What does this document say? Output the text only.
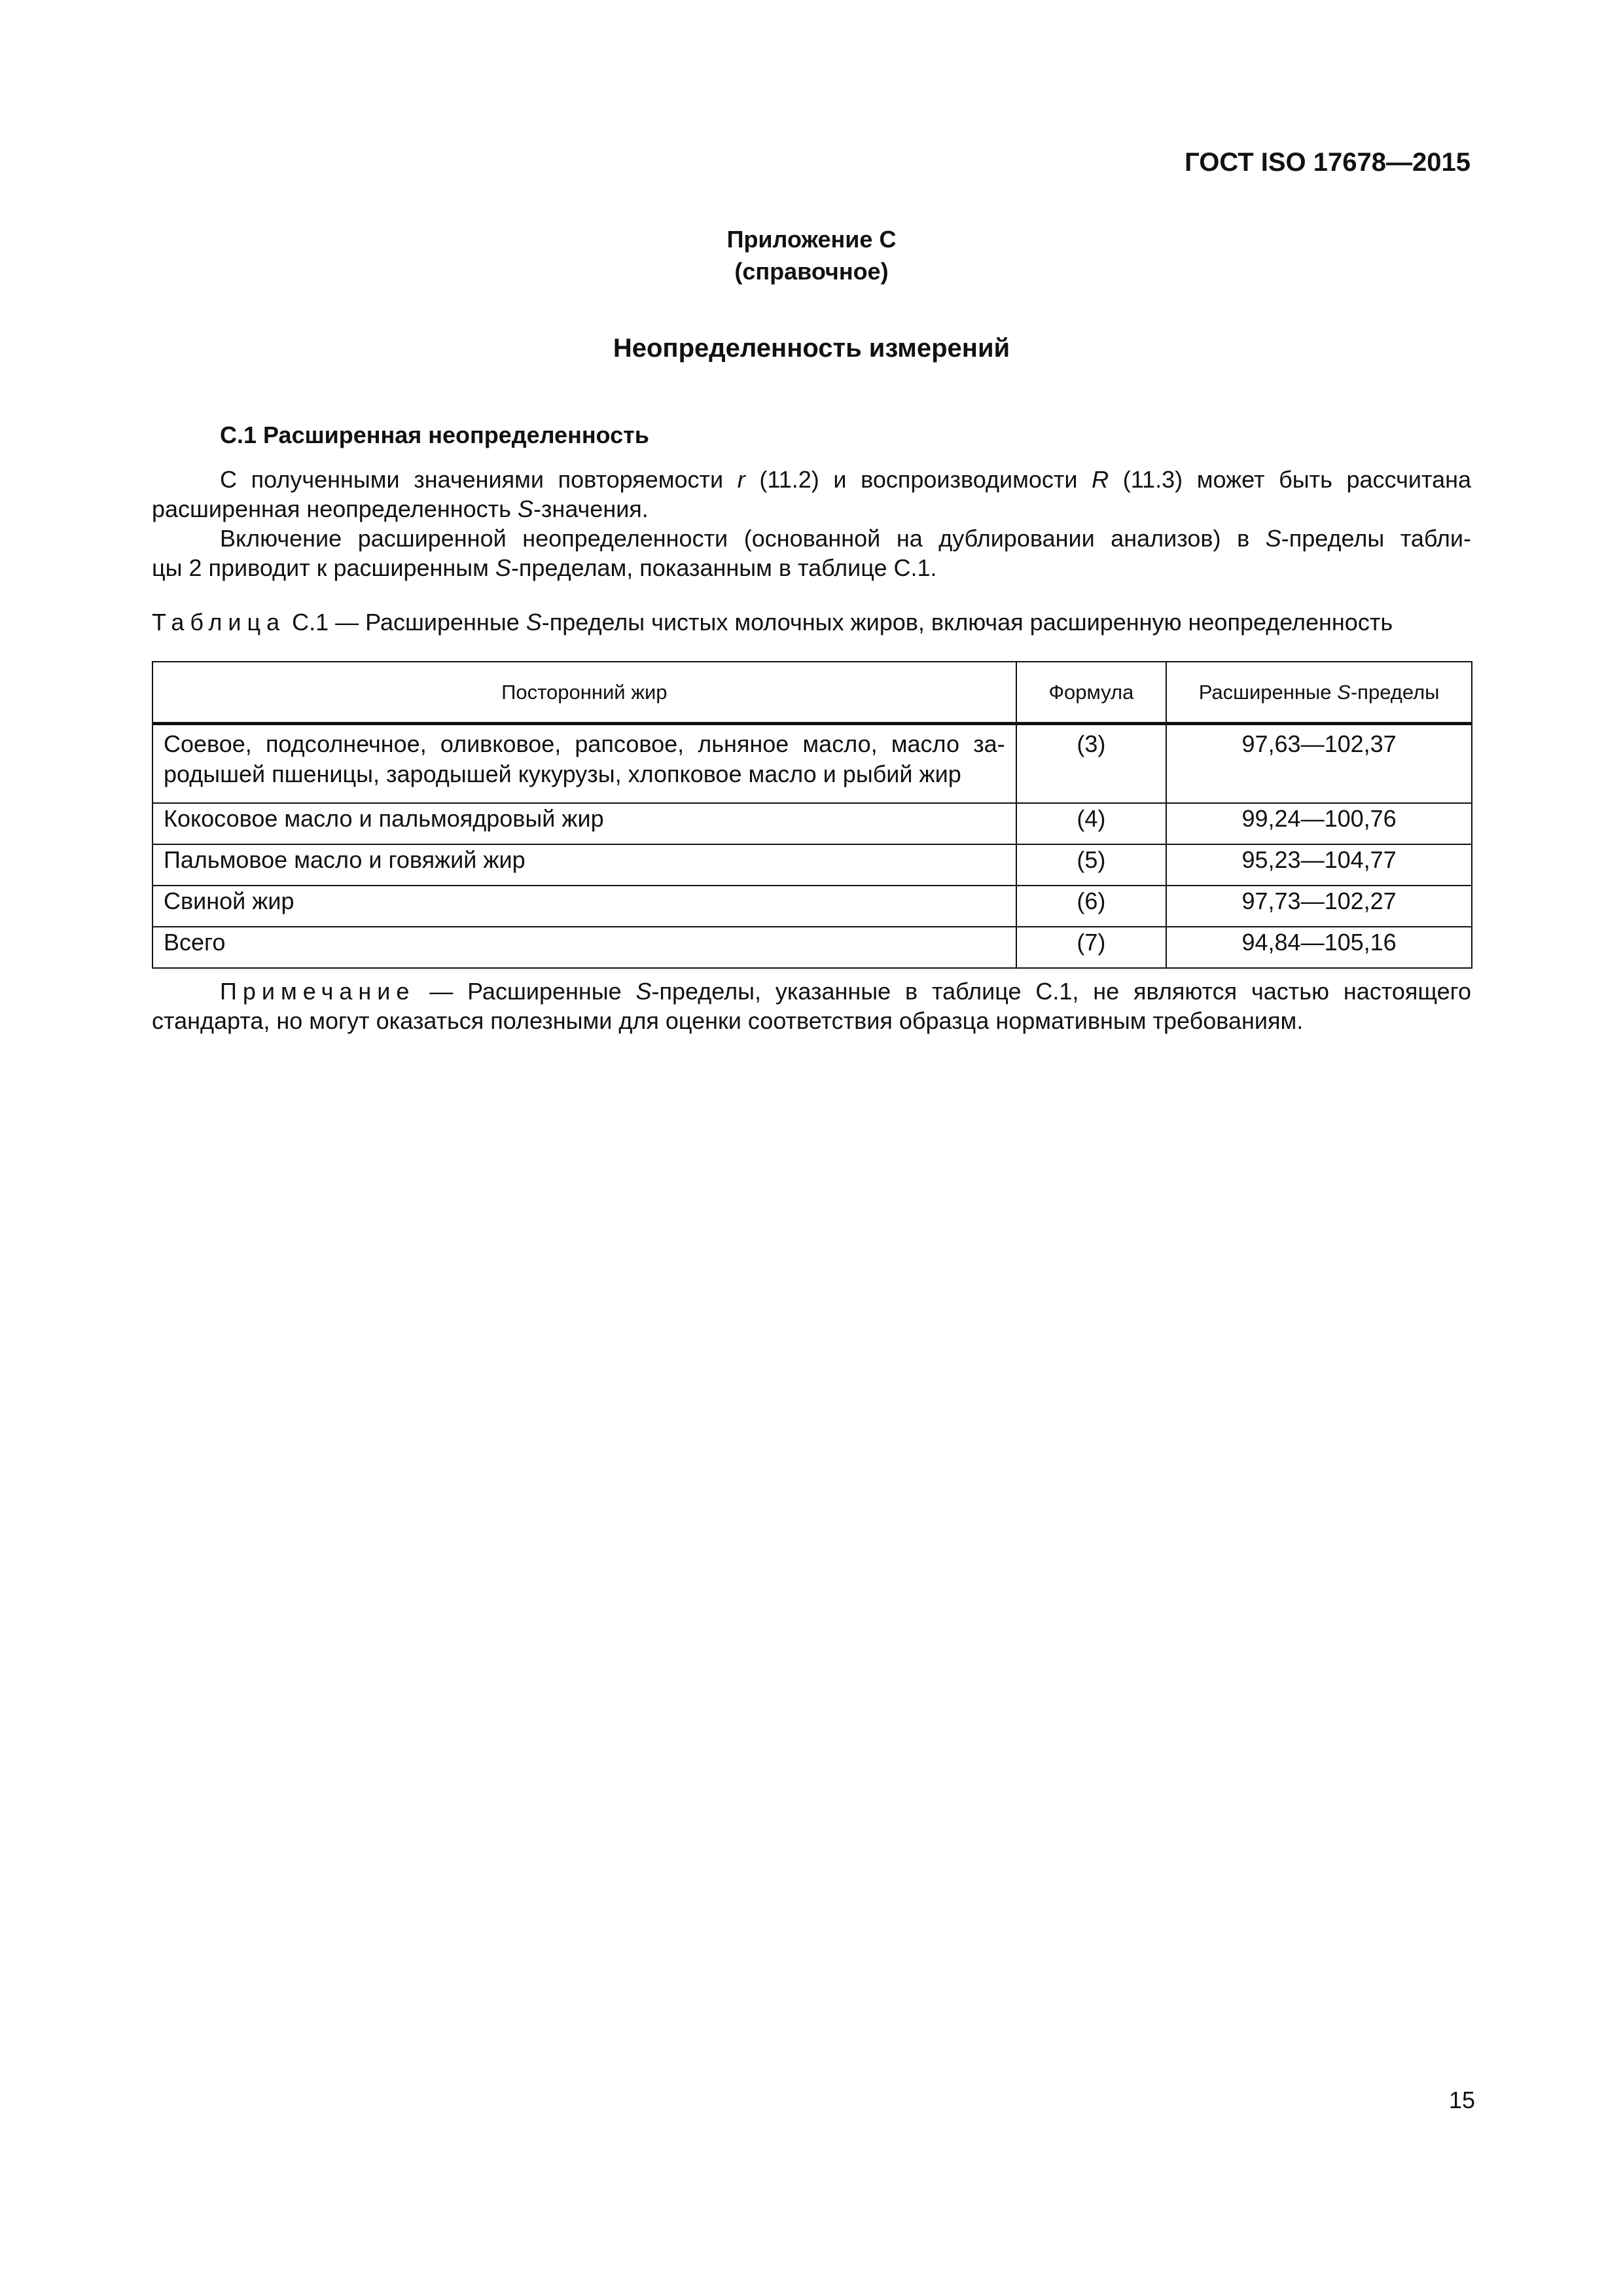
ГОСТ ISO 17678—2015
Приложение С
(справочное)
Неопределенность измерений
С.1 Расширенная неопределенность
С полученными значениями повторяемости r (11.2) и воспроизводимости R (11.3) может быть рассчитана
расширенная неопределенность S-значения.
Включение расширенной неопределенности (основанной на дублировании анализов) в S-пределы табли-
цы 2 приводит к расширенным S-пределам, показанным в таблице С.1.
Таблица С.1 — Расширенные S-пределы чистых молочных жиров, включая расширенную неопределенность
Посторонний жир	Формула	Расширенные S-пределы

Соевое, подсолнечное, оливковое, рапсовое, льняное масло, масло за-
родышей пшеницы, зародышей кукурузы, хлопковое масло и рыбий жир	(3)	97,63—102,37
Кокосовое масло и пальмоядровый жир	(4)	99,24—100,76
Пальмовое масло и говяжий жир	(5)	95,23—104,77
Свиной жир	(6)	97,73—102,27
Всего	(7)	94,84—105,16
Примечание — Расширенные S-пределы, указанные в таблице С.1, не являются частью настоящего
стандарта, но могут оказаться полезными для оценки соответствия образца нормативным требованиям.
15
